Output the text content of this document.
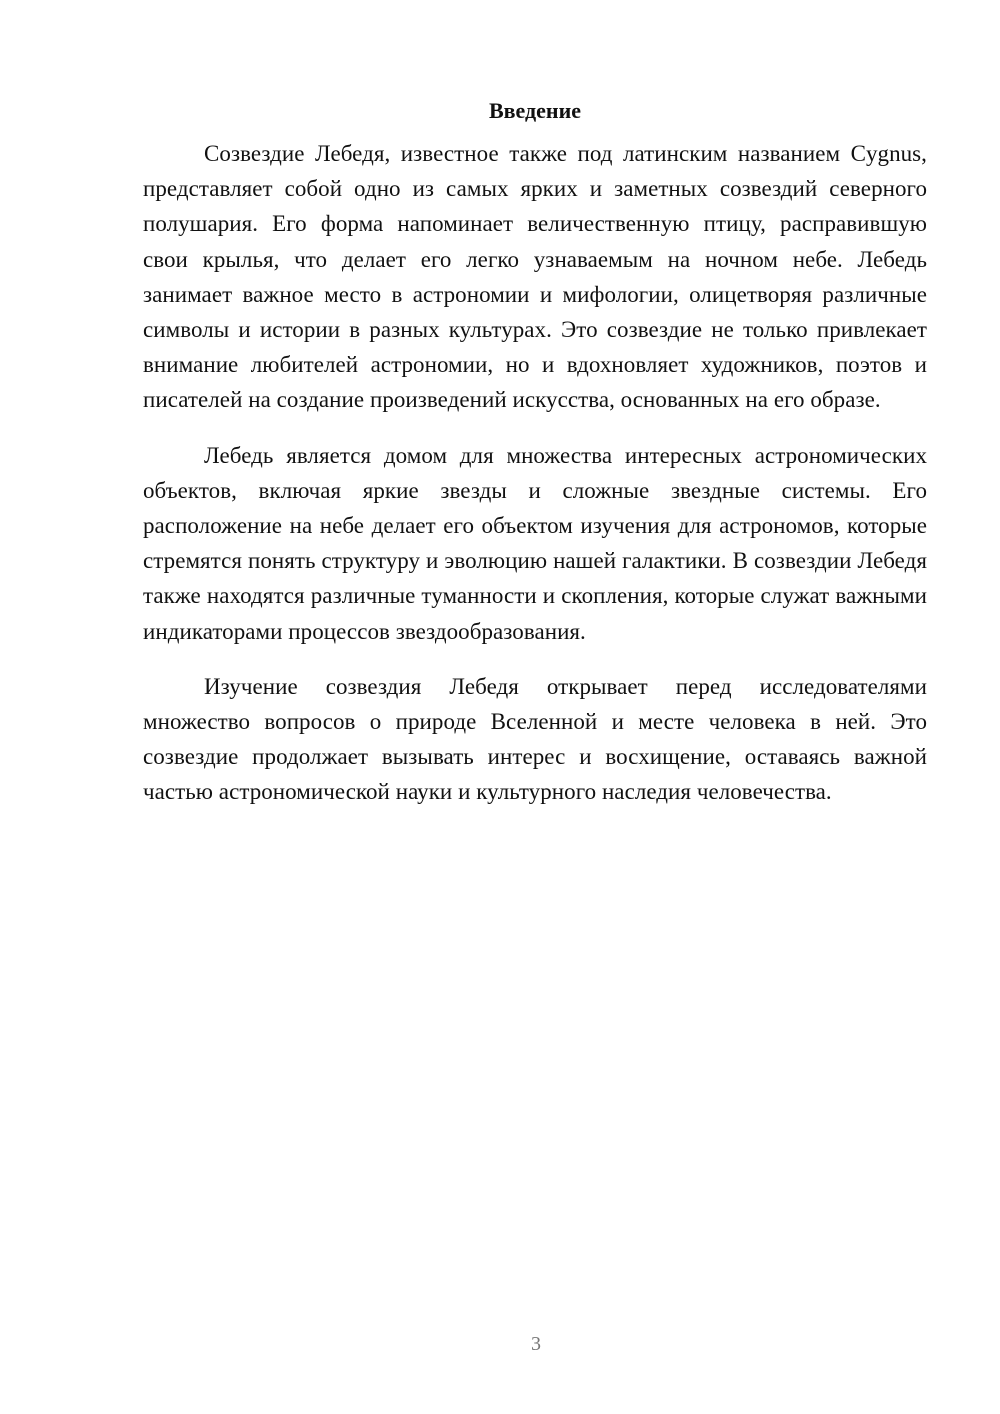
Введение

Созвездие Лебедя, известное также под латинским названием Cygnus, представляет собой одно из самых ярких и заметных созвездий северного полушария. Его форма напоминает величественную птицу, расправившую свои крылья, что делает его легко узнаваемым на ночном небе. Лебедь занимает важное место в астрономии и мифологии, олицетворяя различные символы и истории в разных культурах. Это созвездие не только привлекает внимание любителей астрономии, но и вдохновляет художников, поэтов и писателей на создание произведений искусства, основанных на его образе.

Лебедь является домом для множества интересных астрономических объектов, включая яркие звезды и сложные звездные системы. Его расположение на небе делает его объектом изучения для астрономов, которые стремятся понять структуру и эволюцию нашей галактики. В созвездии Лебедя также находятся различные туманности и скопления, которые служат важными индикаторами процессов звездообразования.

Изучение созвездия Лебедя открывает перед исследователями множество вопросов о природе Вселенной и месте человека в ней. Это созвездие продолжает вызывать интерес и восхищение, оставаясь важной частью астрономической науки и культурного наследия человечества.

3
